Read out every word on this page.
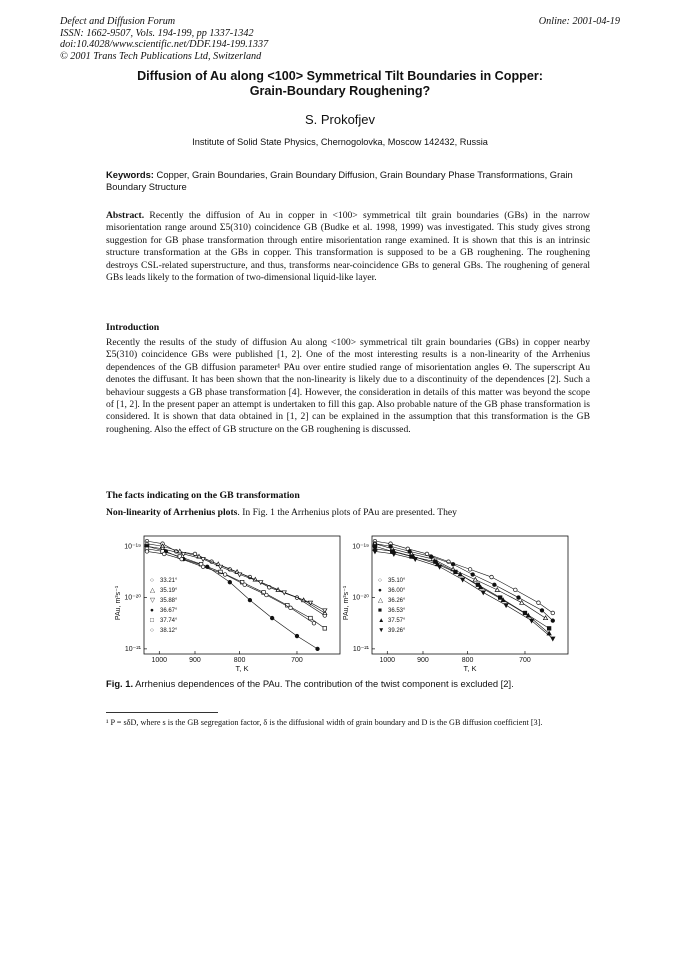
Defect and Diffusion Forum
ISSN: 1662-9507, Vols. 194-199, pp 1337-1342
doi:10.4028/www.scientific.net/DDF.194-199.1337
© 2001 Trans Tech Publications Ltd, Switzerland
Online: 2001-04-19
Diffusion of Au along <100> Symmetrical Tilt Boundaries in Copper:
Grain-Boundary Roughening?
S. Prokofjev
Institute of Solid State Physics, Chernogolovka, Moscow 142432, Russia
Keywords: Copper, Grain Boundaries, Grain Boundary Diffusion, Grain Boundary Phase Transformations, Grain Boundary Structure
Abstract. Recently the diffusion of Au in copper in <100> symmetrical tilt grain boundaries (GBs) in the narrow misorientation range around Σ5(310) coincidence GB (Budke et al. 1998, 1999) was investigated. This study gives strong suggestion for GB phase transformation through entire misorientation range examined. It is shown that this is an intrinsic structure transformation at the GBs in copper. This transformation is supposed to be a GB roughening. The roughening destroys CSL-related superstructure, and thus, transforms near-coincidence GBs to general GBs. The roughening of general GBs leads likely to the formation of two-dimensional liquid-like layer.
Introduction
Recently the results of the study of diffusion Au along <100> symmetrical tilt grain boundaries (GBs) in copper nearby Σ5(310) coincidence GBs were published [1, 2]. One of the most interesting results is a non-linearity of the Arrhenius dependences of the GB diffusion parameter¹ PAu over entire studied range of misorientation angles Θ. The superscript Au denotes the diffusant. It has been shown that the non-linearity is likely due to a discontinuity of the dependences [2]. Such a behaviour suggests a GB phase transformation [4]. However, the consideration in details of this matter was beyond the scope of [1, 2]. In the present paper an attempt is undertaken to fill this gap. Also probable nature of the GB phase transformation is considered. It is shown that data obtained in [1, 2] can be explained in the assumption that this transformation is the GB roughening. Also the effect of GB structure on the GB roughening is discussed.
The facts indicating on the GB transformation
Non-linearity of Arrhenius plots. In Fig. 1 the Arrhenius plots of PAu are presented. They
1000	900	800	700
10⁻¹⁹
10⁻²⁰
10⁻²¹
T, K
PAu, m³s⁻¹
○ 33.21°
△ 35.19°
▽ 35.88°
● 36.67°
□ 37.74°
○ 38.12°
1000	900	800	700
10⁻¹⁹
10⁻²⁰
10⁻²¹
T, K
PAu, m³s⁻¹
○ 35.10°
● 36.00°
△ 36.26°
■ 36.53°
▲ 37.57°
▼ 39.26°
Fig. 1. Arrhenius dependences of the PAu. The contribution of the twist component is excluded [2].
¹ P = sδD, where s is the GB segregation factor, δ is the diffusional width of grain boundary and D is the GB diffusion coefficient [3].
